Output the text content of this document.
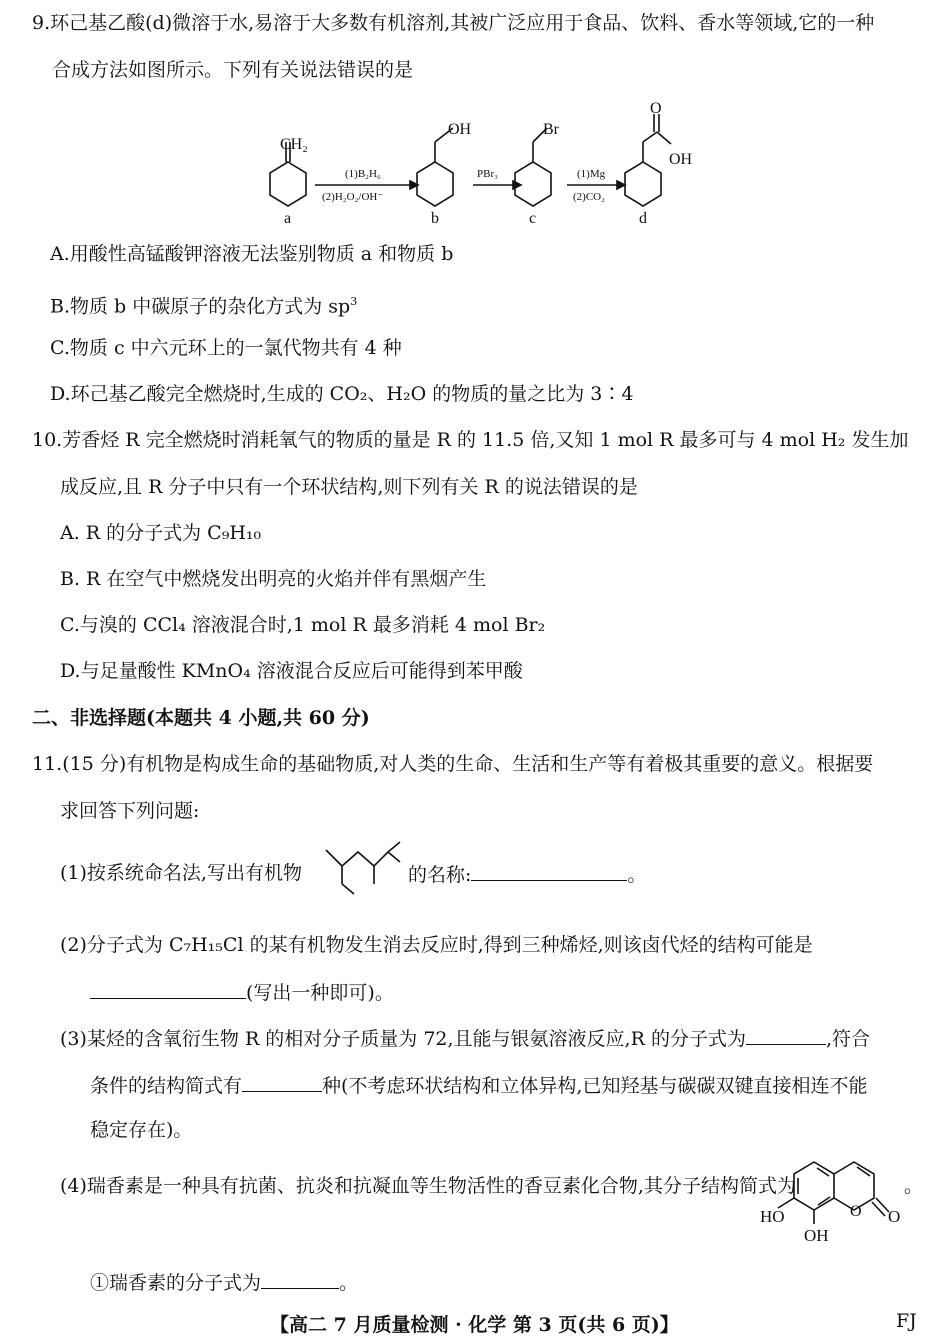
9.环己基乙酸(d)微溶于水,易溶于大多数有机溶剂,其被广泛应用于食品、饮料、香水等领域,它的一种
合成方法如图所示。下列有关说法错误的是
CH₂
a
(1)B₂H₆
(2)H₂O₂/OH⁻
OH
b
PBr₃
Br
c
(1)Mg
(2)CO₂
O
OH
d
A.用酸性高锰酸钾溶液无法鉴别物质 a 和物质 b
B.物质 b 中碳原子的杂化方式为 $sp^3$
C.物质 c 中六元环上的一氯代物共有 4 种
D.环己基乙酸完全燃烧时,生成的 CO₂、H₂O 的物质的量之比为 3∶4
10.芳香烃 R 完全燃烧时消耗氧气的物质的量是 R 的 11.5 倍,又知 1 mol R 最多可与 4 mol H₂ 发生加
成反应,且 R 分子中只有一个环状结构,则下列有关 R 的说法错误的是
A. R 的分子式为 C₉H₁₀
B. R 在空气中燃烧发出明亮的火焰并伴有黑烟产生
C.与溴的 CCl₄ 溶液混合时,1 mol R 最多消耗 4 mol Br₂
D.与足量酸性 KMnO₄ 溶液混合反应后可能得到苯甲酸
二、非选择题(本题共 4 小题,共 60 分)
11.(15 分)有机物是构成生命的基础物质,对人类的生命、生活和生产等有着极其重要的意义。根据要
求回答下列问题:
(1)按系统命名法,写出有机物	的名称:	。
(2)分子式为 C₇H₁₅Cl 的某有机物发生消去反应时,得到三种烯烃,则该卤代烃的结构可能是
(写出一种即可)。
(3)某烃的含氧衍生物 R 的相对分子质量为 72,且能与银氨溶液反应,R 的分子式为	,符合
条件的结构简式有	种(不考虑环状结构和立体异构,已知羟基与碳碳双键直接相连不能
稳定存在)。
(4)瑞香素是一种具有抗菌、抗炎和抗凝血等生物活性的香豆素化合物,其分子结构简式为
O O
HO
OH
。
①瑞香素的分子式为	。
【高二 7 月质量检测 · 化学 第 3 页(共 6 页)】	FJ
